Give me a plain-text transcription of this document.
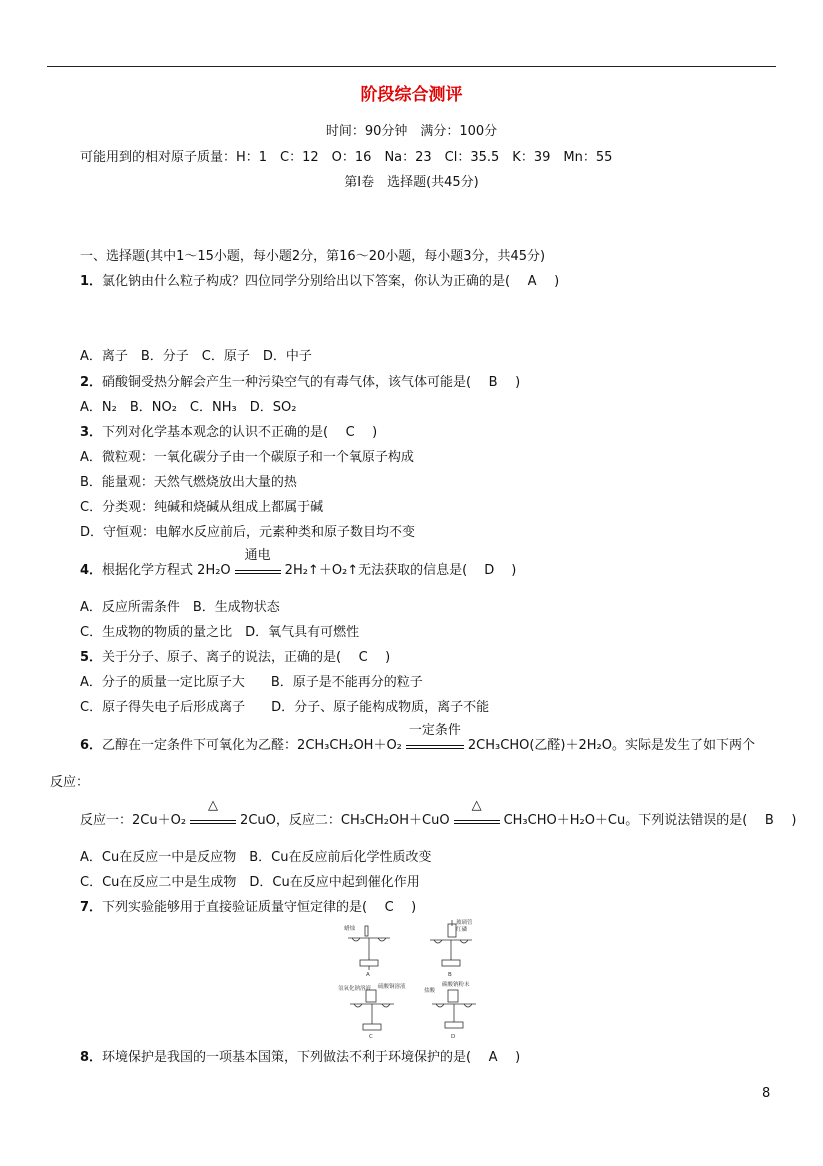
阶段综合测评
时间：90分钟　满分：100分
可能用到的相对原子质量：H：1　C：12　O：16　Na：23　Cl：35.5　K：39　Mn：55
第Ⅰ卷　选择题(共45分)
一、选择题(其中1～15小题，每小题2分，第16～20小题，每小题3分，共45分)
1．氯化钠由什么粒子构成？四位同学分别给出以下答案，你认为正确的是(　A　)
A．离子　B．分子　C．原子　D．中子
2．硝酸铜受热分解会产生一种污染空气的有毒气体，该气体可能是(　B　)
A．N₂　B．NO₂　C．NH₃　D．SO₂
3．下列对化学基本观念的认识不正确的是(　C　)
A．微粒观：一氧化碳分子由一个碳原子和一个氧原子构成
B．能量观：天然气燃烧放出大量的热
C．分类观：纯碱和烧碱从组成上都属于碱
D．守恒观：电解水反应前后，元素种类和原子数目均不变
4．根据化学方程式 2H₂O
通电
2H₂↑＋O₂↑无法获取的信息是(　D　)
A．反应所需条件　B．生成物状态
C．生成物的物质的量之比　D．氧气具有可燃性
5．关于分子、原子、离子的说法，正确的是(　C　)
A．分子的质量一定比原子大　　B．原子是不能再分的粒子
C．原子得失电子后形成离子　　D．分子、原子能构成物质，离子不能
6．乙醇在一定条件下可氧化为乙醛：2CH₃CH₂OH＋O₂
一定条件
2CH₃CHO(乙醛)＋2H₂O。实际是发生了如下两个
反应：
反应一：2Cu＋O₂
△
2CuO，反应二：CH₃CH₂OH＋CuO
△
CH₃CHO＋H₂O＋Cu。下列说法错误的是(　B　)
A．Cu在反应一中是反应物　B．Cu在反应前后化学性质改变
C．Cu在反应二中是生成物　D．Cu在反应中起到催化作用
7．下列实验能够用于直接验证质量守恒定律的是(　C　)
蜡烛
玻璃管
红磷
氢氧化钠溶液 硫酸铜溶液
盐酸
碳酸钠粉末
A	B
C	D
8．环境保护是我国的一项基本国策，下列做法不利于环境保护的是(　A　)
8
